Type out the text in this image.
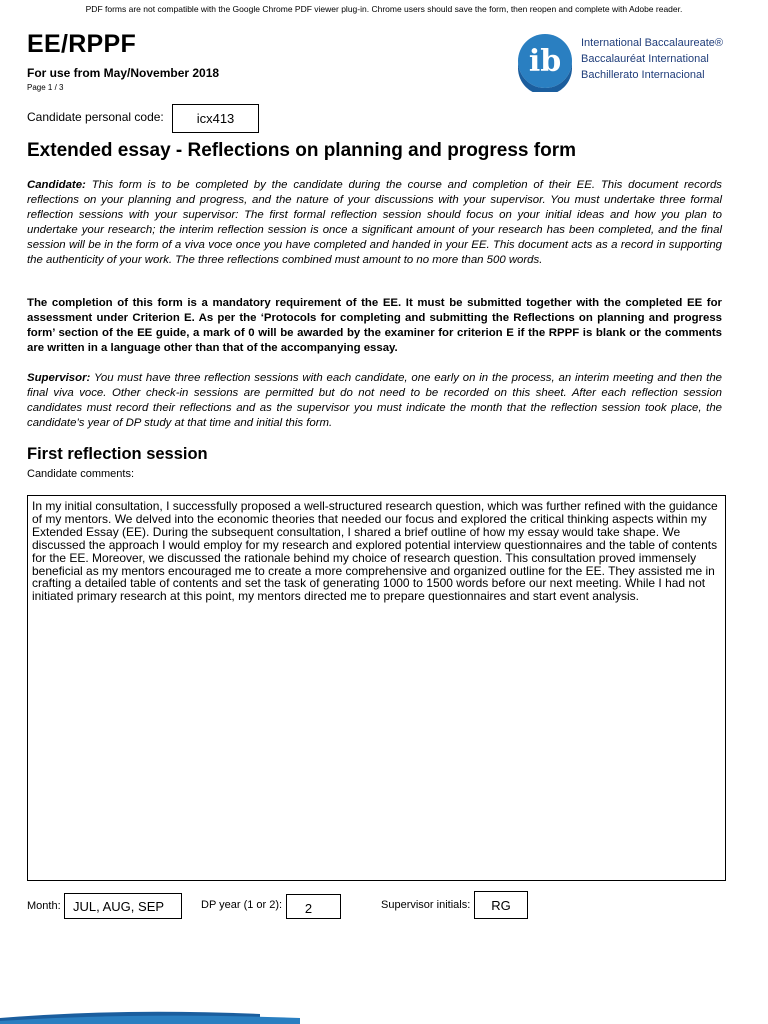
PDF forms are not compatible with the Google Chrome PDF viewer plug-in. Chrome users should save the form, then reopen and complete with Adobe reader.
EE/RPPF
For use from May/November 2018
Page 1 / 3
ib
International Baccalaureate®
Baccalauréat International
Bachillerato Internacional
Candidate personal code:	icx413
Extended essay - Reflections on planning and progress form
Candidate: This form is to be completed by the candidate during the course and completion of their EE. This document records reflections on your planning and progress, and the nature of your discussions with your supervisor. You must undertake three formal reflection sessions with your supervisor: The first formal reflection session should focus on your initial ideas and how you plan to undertake your research; the interim reflection session is once a significant amount of your research has been completed, and the final session will be in the form of a viva voce once you have completed and handed in your EE. This document acts as a record in supporting the authenticity of your work. The three reflections combined must amount to no more than 500 words.
The completion of this form is a mandatory requirement of the EE. It must be submitted together with the completed EE for assessment under Criterion E. As per the ‘Protocols for completing and submitting the Reflections on planning and progress form’ section of the EE guide, a mark of 0 will be awarded by the examiner for criterion E if the RPPF is blank or the comments are written in a language other than that of the accompanying essay.
Supervisor: You must have three reflection sessions with each candidate, one early on in the process, an interim meeting and then the final viva voce. Other check-in sessions are permitted but do not need to be recorded on this sheet. After each reflection session candidates must record their reflections and as the supervisor you must indicate the month that the reflection session took place, the candidate’s year of DP study at that time and initial this form.
First reflection session
Candidate comments:
In my initial consultation, I successfully proposed a well-structured research question, which was further refined with the guidance of my mentors. We delved into the economic theories that needed our focus and explored the critical thinking aspects within my Extended Essay (EE). During the subsequent consultation, I shared a brief outline of how my essay would take shape. We discussed the approach I would employ for my research and explored potential interview questionnaires and the table of contents for the EE. Moreover, we discussed the rationale behind my choice of research question. This consultation proved immensely beneficial as my mentors encouraged me to create a more comprehensive and organized outline for the EE. They assisted me in crafting a detailed table of contents and set the task of generating 1000 to 1500 words before our next meeting. While I had not initiated primary research at this point, my mentors directed me to prepare questionnaires and start event analysis.
Month: JUL, AUG, SEP	DP year (1 or 2):	2	Supervisor initials:	RG
